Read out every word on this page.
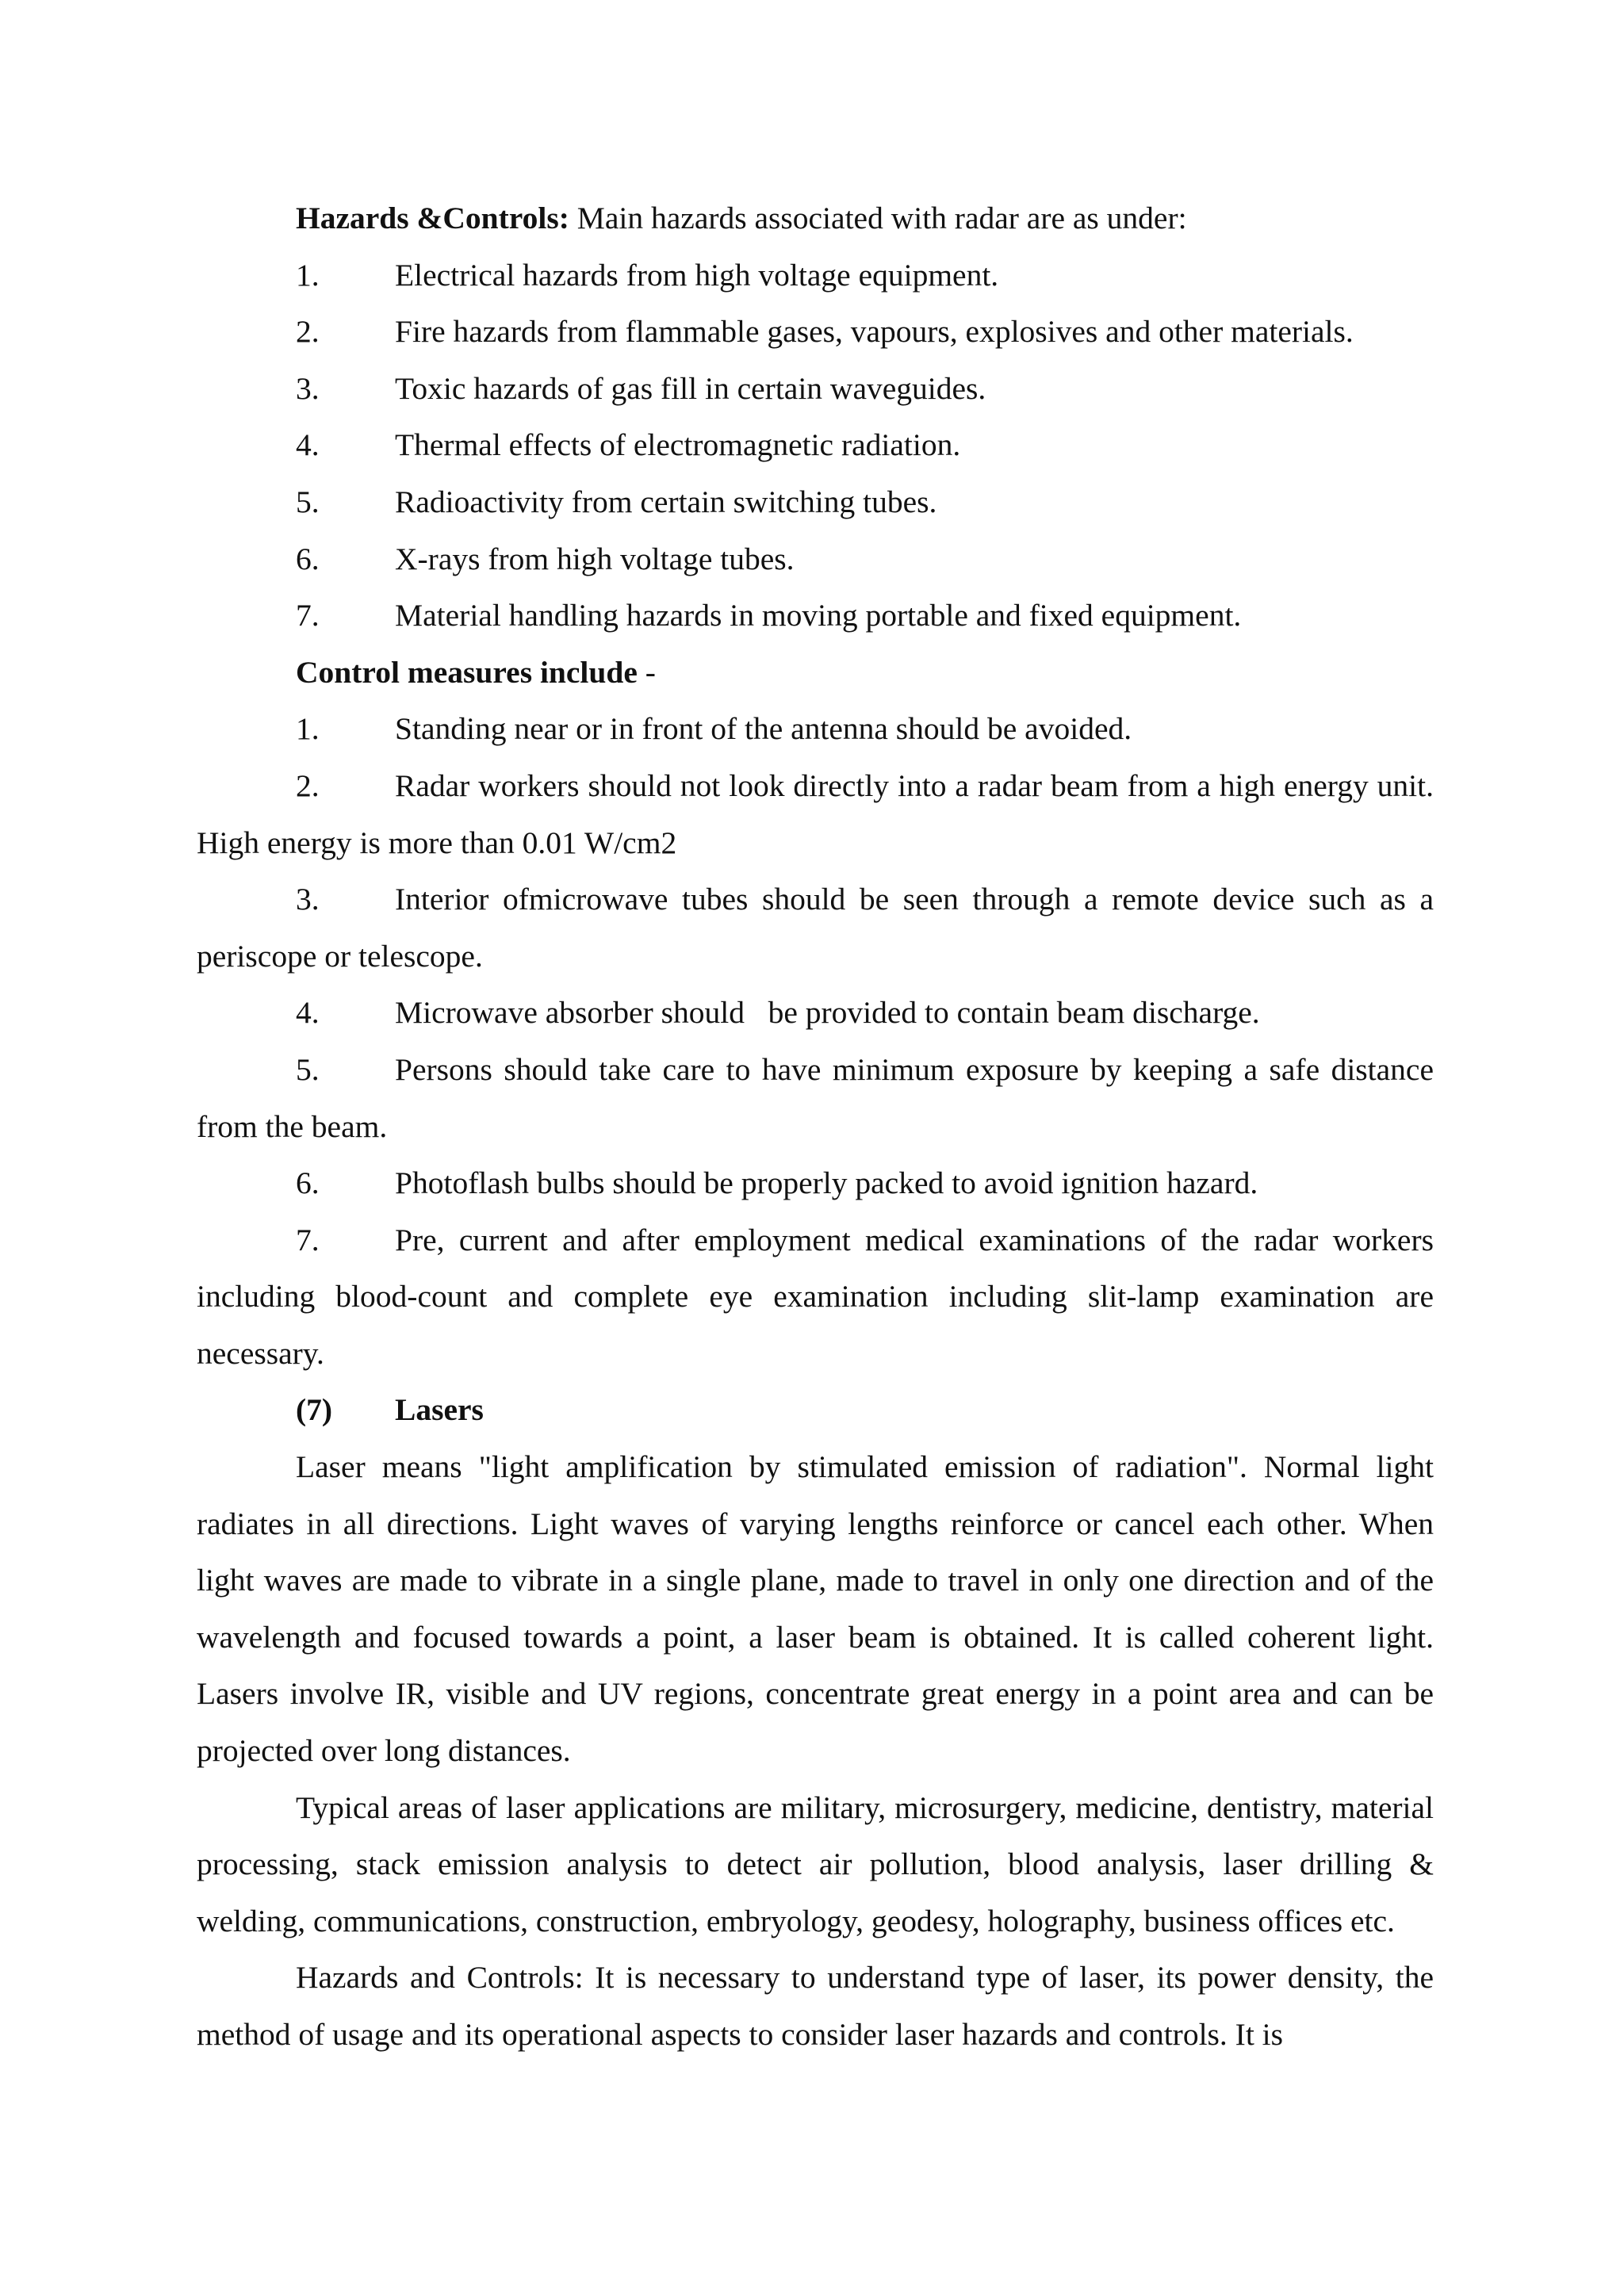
Hazards &Controls: Main hazards associated with radar are as under:

1. Electrical hazards from high voltage equipment.

2. Fire hazards from flammable gases, vapours, explosives and other materials.

3. Toxic hazards of gas fill in certain waveguides.

4. Thermal effects of electromagnetic radiation.

5. Radioactivity from certain switching tubes.

6. X-rays from high voltage tubes.

7. Material handling hazards in moving portable and fixed equipment.

Control measures include -

1. Standing near or in front of the antenna should be avoided.

2. Radar workers should not look directly into a radar beam from a high energy unit. High energy is more than 0.01 W/cm2

3. Interior ofmicrowave tubes should be seen through a remote device such as a periscope or telescope.

4. Microwave absorber should   be provided to contain beam discharge.

5. Persons should take care to have minimum exposure by keeping a safe distance from the beam.

6. Photoflash bulbs should be properly packed to avoid ignition hazard.

7. Pre, current and after employment medical examinations of the radar workers including blood-count and complete eye examination including slit-lamp examination are necessary.

(7) Lasers

Laser means "light amplification by stimulated emission of radiation". Normal light radiates in all directions. Light waves of varying lengths reinforce or cancel each other. When light waves are made to vibrate in a single plane, made to travel in only one direction and of the wavelength and focused towards a point, a laser beam is obtained. It is called coherent light. Lasers involve IR, visible and UV regions, concentrate great energy in a point area and can be projected over long distances.

Typical areas of laser applications are military, microsurgery, medicine, dentistry, material processing, stack emission analysis to detect air pollution, blood analysis, laser drilling & welding, communications, construction, embryology, geodesy, holography, business offices etc.

Hazards and Controls: It is necessary to understand type of laser, its power density, the method of usage and its operational aspects to consider laser hazards and controls. It is
